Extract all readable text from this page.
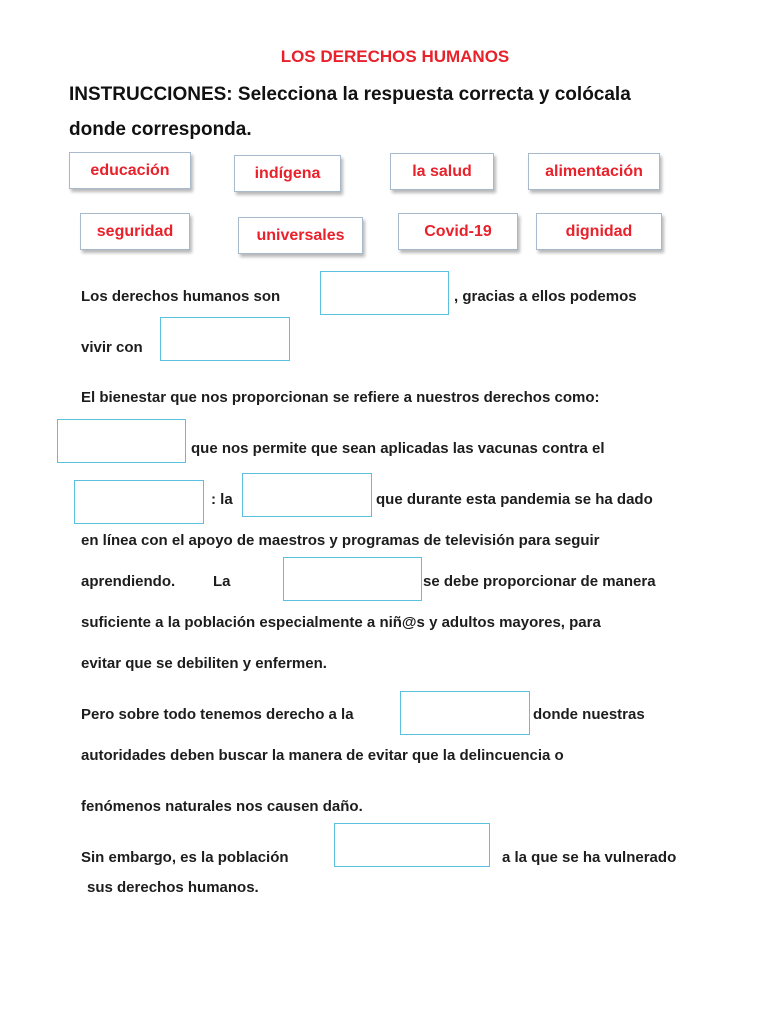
LOS DERECHOS HUMANOS
INSTRUCCIONES: Selecciona la respuesta correcta y colócala
donde corresponda.
educación	indígena	la salud	alimentación
seguridad	universales	Covid-19	dignidad
Los derechos humanos son	, gracias a ellos podemos
vivir con
El bienestar que nos proporcionan se refiere a nuestros derechos como:
que nos permite que sean aplicadas las vacunas contra el
: la	que durante esta pandemia se ha dado
en línea con el apoyo de maestros y programas de televisión para seguir
aprendiendo.	La	se debe proporcionar de manera
suficiente a la población especialmente a niñ@s y adultos mayores, para
evitar que se debiliten y enfermen.
Pero sobre todo tenemos derecho a la	donde nuestras
autoridades deben buscar la manera de evitar que la delincuencia o
fenómenos naturales nos causen daño.
Sin embargo, es la población	a la que se ha vulnerado
sus derechos humanos.
